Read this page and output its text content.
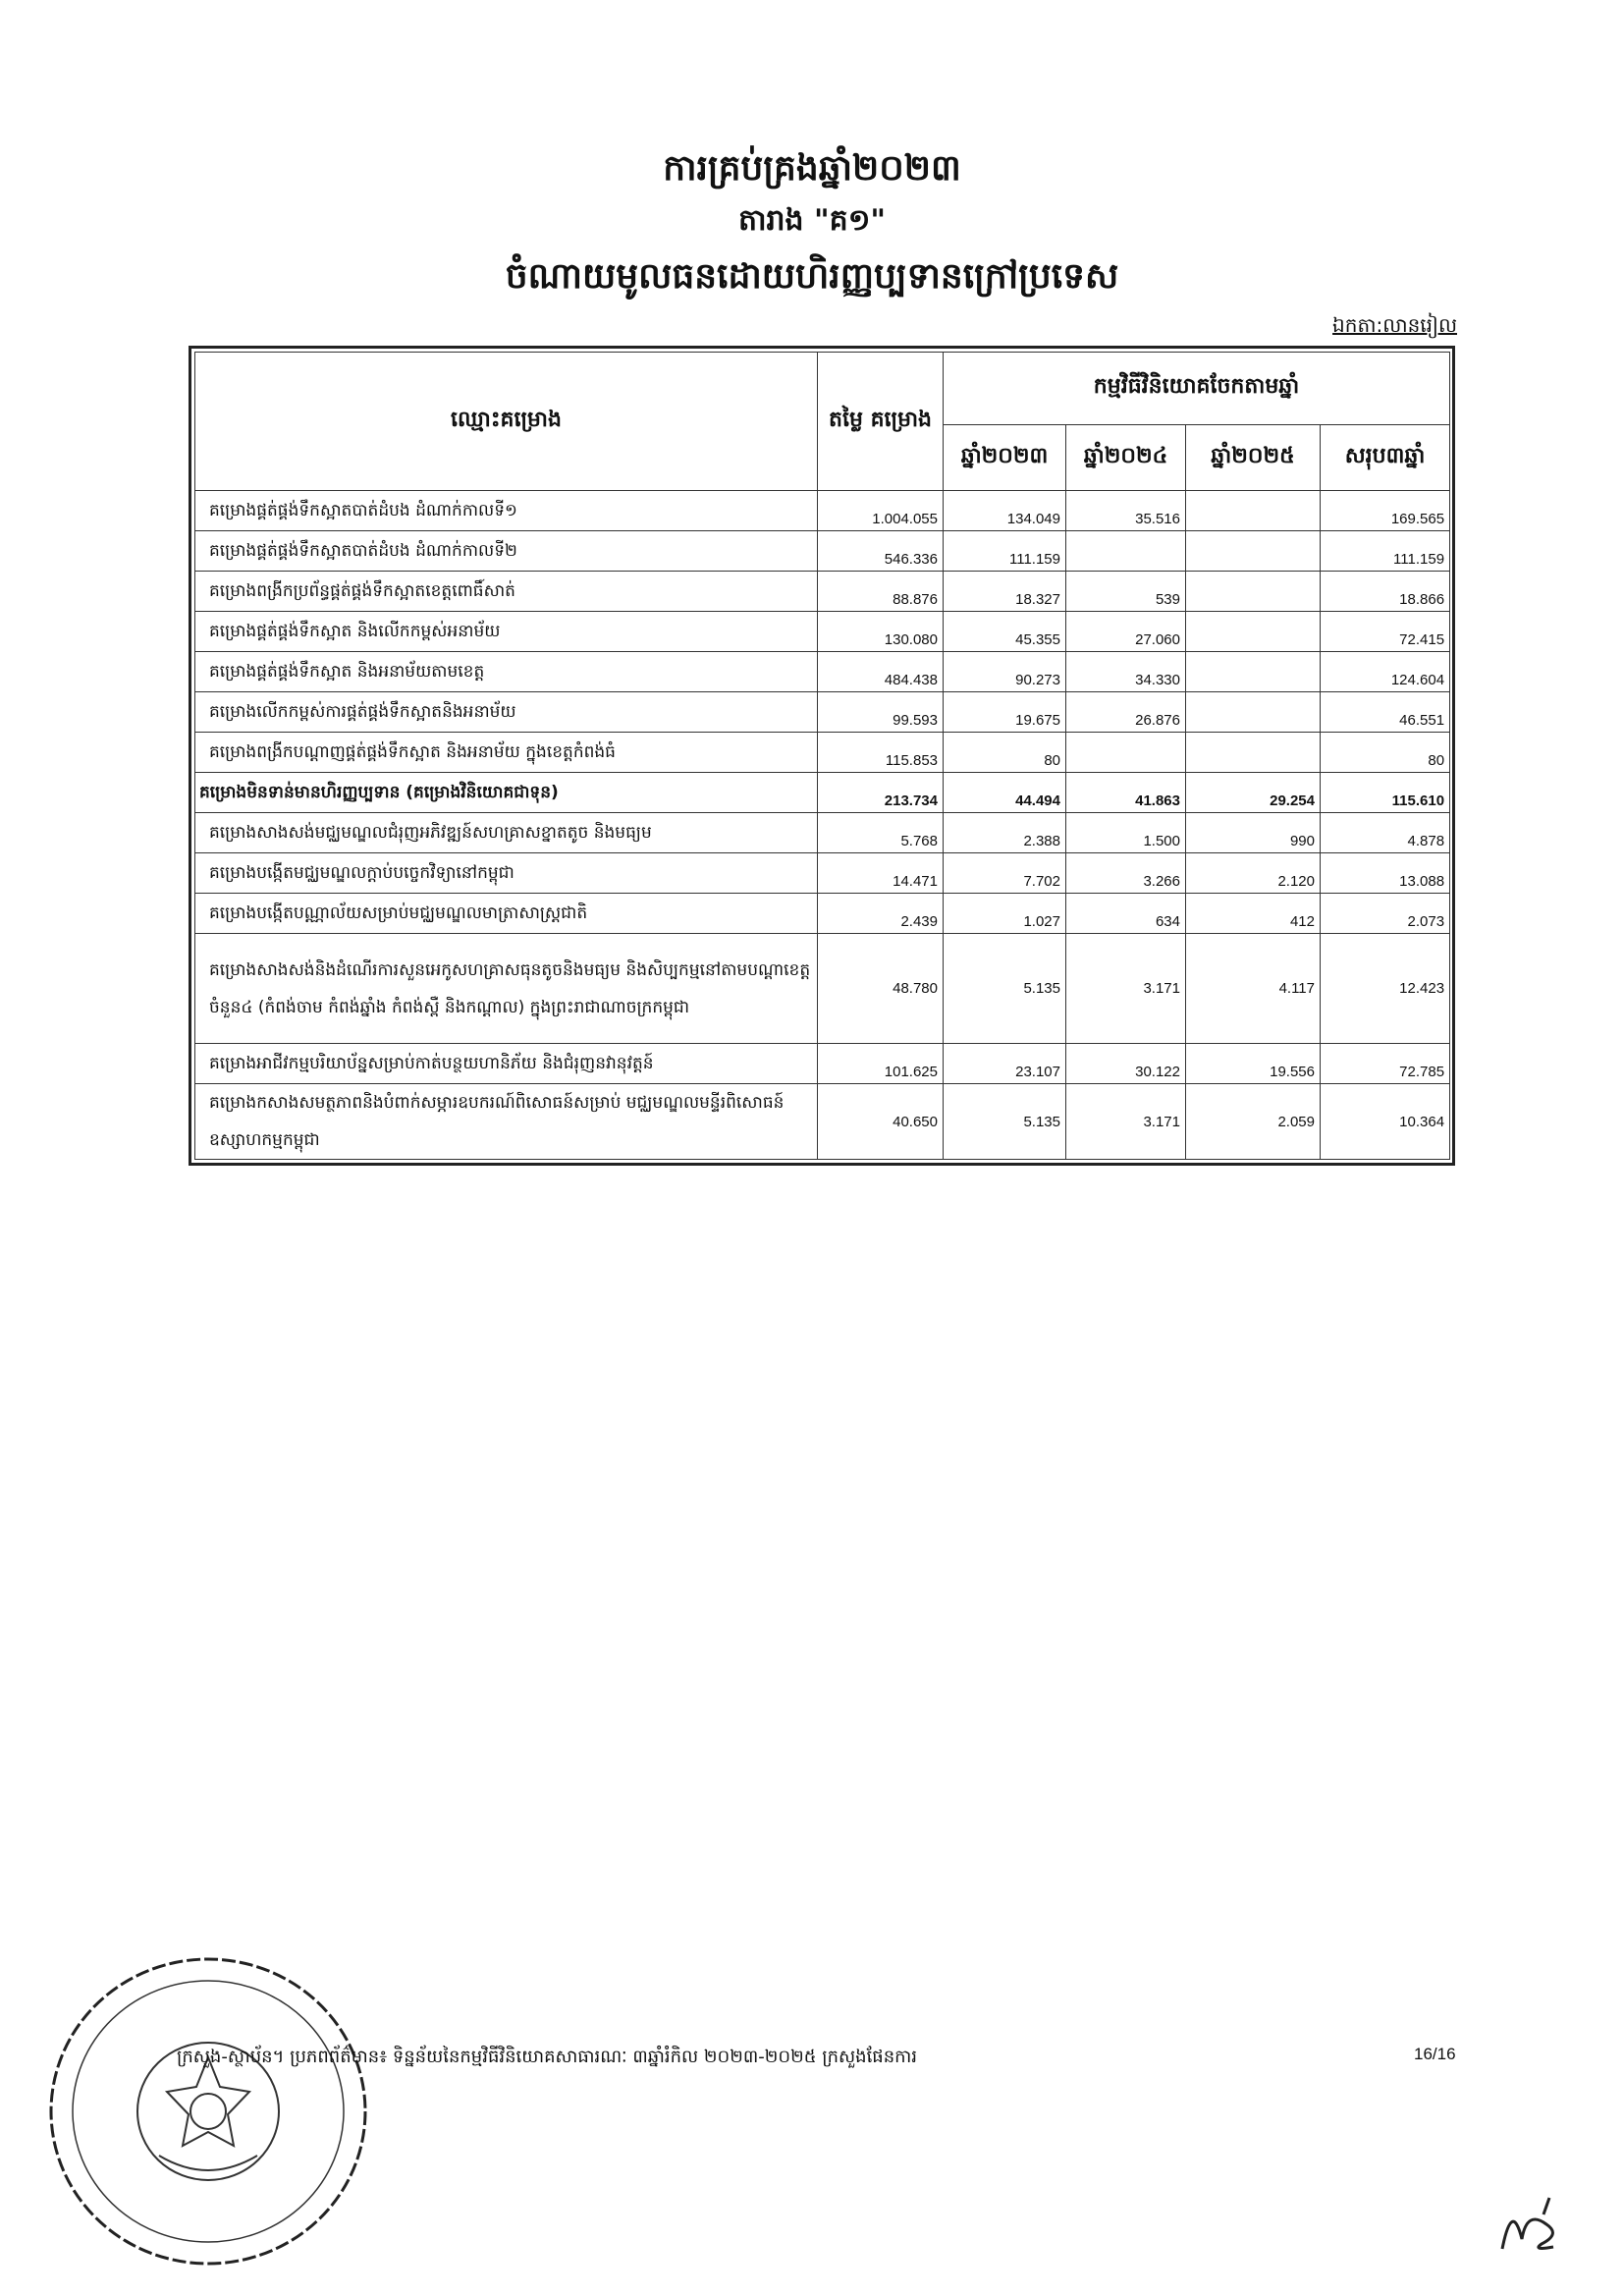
ការគ្រប់គ្រងឆ្នាំ២០២៣
តារាង "គ១"
ចំណាយមូលធនដោយហិរញ្ញប្បទានក្រៅប្រទេស
ឯកតា:លានរៀល
ឈ្មោះគម្រោង	តម្លៃ គម្រោង	កម្មវិធីវិនិយោគចែកតាមឆ្នាំ			
		ឆ្នាំ២០២៣	ឆ្នាំ២០២៤	ឆ្នាំ២០២៥	សរុប៣ឆ្នាំ
គម្រោងផ្គត់ផ្គង់ទឹកស្អាតបាត់ដំបង ដំណាក់កាលទី១	1.004.055	134.049	35.516		169.565
គម្រោងផ្គត់ផ្គង់ទឹកស្អាតបាត់ដំបង ដំណាក់កាលទី២	546.336	111.159			111.159
គម្រោងពង្រីកប្រព័ន្ធផ្គត់ផ្គង់ទឹកស្អាតខេត្តពោធិ៍សាត់	88.876	18.327	539		18.866
គម្រោងផ្គត់ផ្គង់ទឹកស្អាត និងលើកកម្ពស់អនាម័យ	130.080	45.355	27.060		72.415
គម្រោងផ្គត់ផ្គង់ទឹកស្អាត និងអនាម័យតាមខេត្ត	484.438	90.273	34.330		124.604
គម្រោងលើកកម្ពស់ការផ្គត់ផ្គង់ទឹកស្អាតនិងអនាម័យ	99.593	19.675	26.876		46.551
គម្រោងពង្រីកបណ្ដាញផ្គត់ផ្គង់ទឹកស្អាត និងអនាម័យ ក្នុងខេត្តកំពង់ធំ	115.853	80			80
គម្រោងមិនទាន់មានហិរញ្ញប្បទាន (គម្រោងវិនិយោគជាទុន)	213.734	44.494	41.863	29.254	115.610
គម្រោងសាងសង់មជ្ឈមណ្ឌលជំរុញអភិវឌ្ឍន៍សហគ្រាសខ្នាតតូច និងមធ្យម	5.768	2.388	1.500	990	4.878
គម្រោងបង្កើតមជ្ឈមណ្ឌលក្ដាប់បច្ចេកវិទ្យានៅកម្ពុជា	14.471	7.702	3.266	2.120	13.088
គម្រោងបង្កើតបណ្ណាល័យសម្រាប់មជ្ឈមណ្ឌលមាត្រាសាស្ត្រជាតិ	2.439	1.027	634	412	2.073
គម្រោងសាងសង់និងដំណើរការសួនអេកូសហគ្រាសធុនតូចនិងមធ្យម និងសិប្បកម្មនៅតាមបណ្ដាខេត្តចំនួន៤ (កំពង់ចាម កំពង់ឆ្នាំង កំពង់ស្ពឺ និងកណ្ដាល) ក្នុងព្រះរាជាណាចក្រកម្ពុជា	48.780	5.135	3.171	4.117	12.423
គម្រោងអាជីវកម្មបរិយាប័ន្នសម្រាប់កាត់បន្ថយហានិភ័យ និងជំរុញនវានុវត្តន៍	101.625	23.107	30.122	19.556	72.785
គម្រោងកសាងសមត្ថភាពនិងបំពាក់សម្ភារឧបករណ៍ពិសោធន៍សម្រាប់ មជ្ឈមណ្ឌលមន្ទីរពិសោធន៍ឧស្សាហកម្មកម្ពុជា	40.650	5.135	3.171	2.059	10.364
ក្រសួង-ស្ថាប័ន។ ប្រភពព័ត៌មាន៖ ទិន្នន័យនៃកម្មវិធីវិនិយោគសាធារណៈ ៣ឆ្នាំរំកិល ២០២៣-២០២៥ ក្រសួងផែនការ	16/16
